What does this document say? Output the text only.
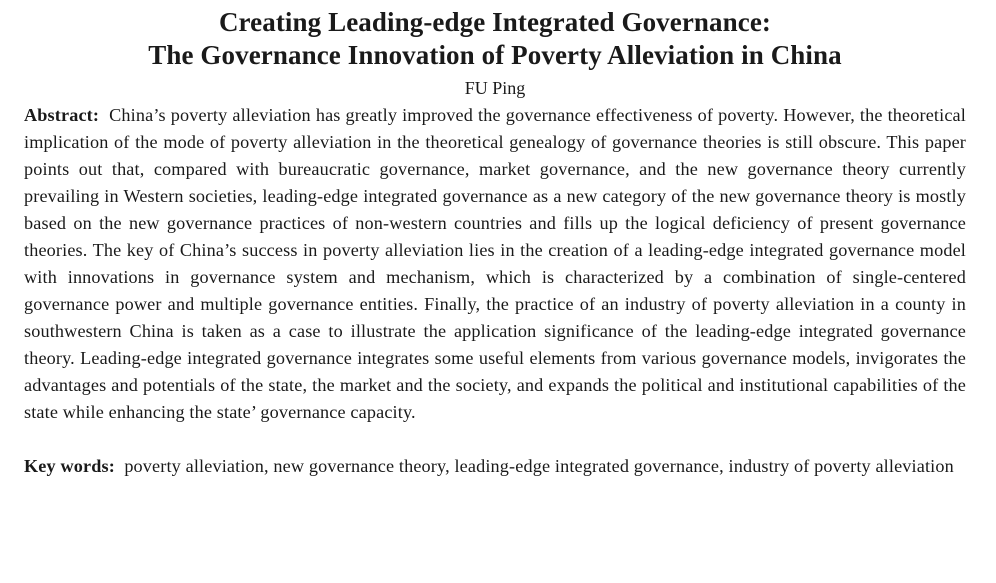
Creating Leading-edge Integrated Governance:
The Governance Innovation of Poverty Alleviation in China
FU Ping
Abstract:  China’s poverty alleviation has greatly improved the governance effectiveness of poverty. However, the theoretical implication of the mode of poverty alleviation in the theoretical genealogy of governance theories is still obscure. This paper points out that, compared with bureaucratic governance, market governance, and the new governance theory currently prevailing in Western societies, leading-edge integrated governance as a new category of the new governance theory is mostly based on the new governance practices of non-western countries and fills up the logical deficiency of present governance theories. The key of China’s success in poverty alleviation lies in the creation of a leading-edge integrated governance model with innovations in governance system and mechanism, which is characterized by a combination of single-centered governance power and multiple governance entities. Finally, the practice of an industry of poverty alleviation in a county in southwestern China is taken as a case to illustrate the application significance of the leading-edge integrated governance theory. Leading-edge integrated governance integrates some useful elements from various governance models, invigorates the advantages and potentials of the state, the market and the society, and expands the political and institutional capabilities of the state while enhancing the state’ governance capacity.
Key words:  poverty alleviation, new governance theory, leading-edge integrated governance, industry of poverty alleviation
